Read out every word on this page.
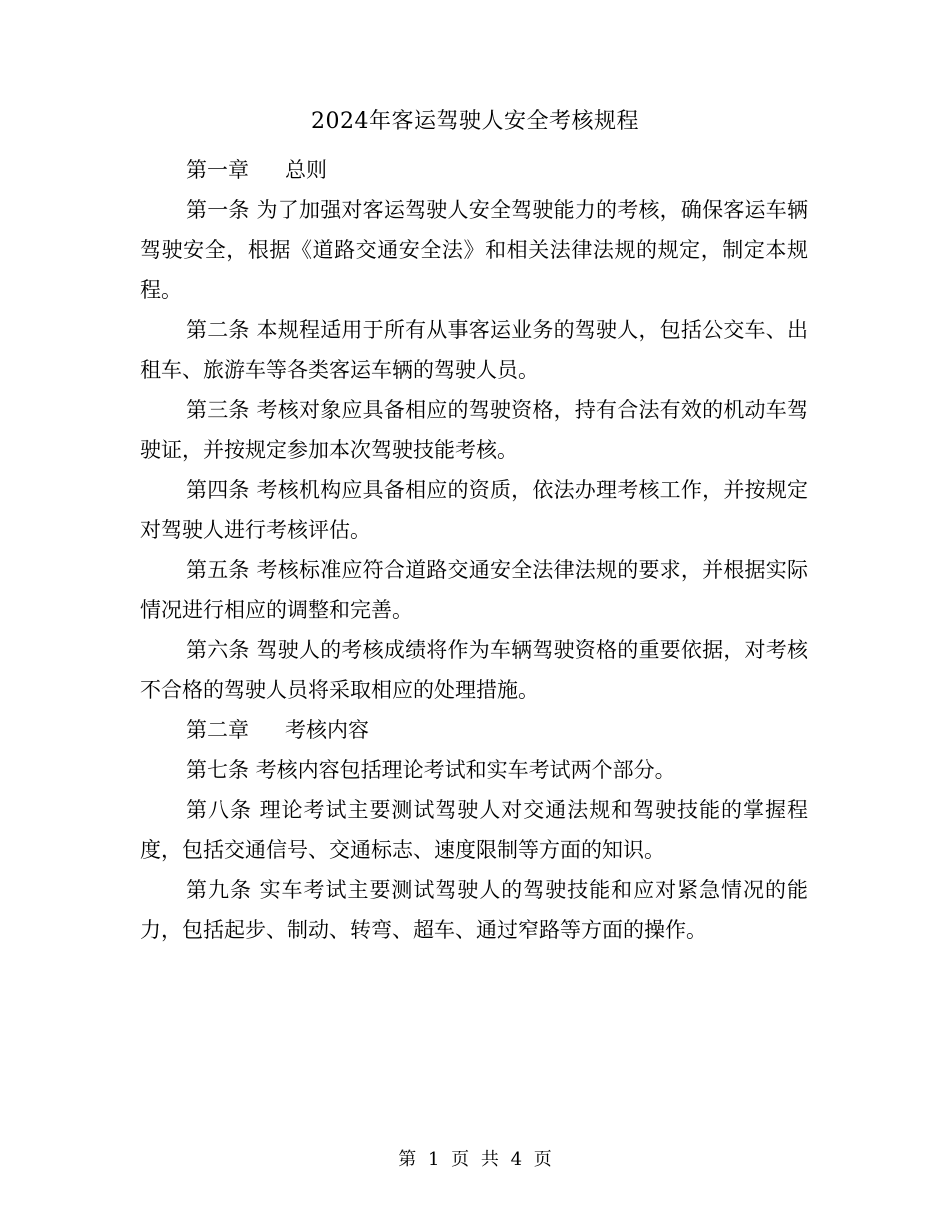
2024年客运驾驶人安全考核规程

第一章 总则

第一条 为了加强对客运驾驶人安全驾驶能力的考核，确保客运车辆驾驶安全，根据《道路交通安全法》和相关法律法规的规定，制定本规程。

第二条 本规程适用于所有从事客运业务的驾驶人，包括公交车、出租车、旅游车等各类客运车辆的驾驶人员。

第三条 考核对象应具备相应的驾驶资格，持有合法有效的机动车驾驶证，并按规定参加本次驾驶技能考核。

第四条 考核机构应具备相应的资质，依法办理考核工作，并按规定对驾驶人进行考核评估。

第五条 考核标准应符合道路交通安全法律法规的要求，并根据实际情况进行相应的调整和完善。

第六条 驾驶人的考核成绩将作为车辆驾驶资格的重要依据，对考核不合格的驾驶人员将采取相应的处理措施。

第二章 考核内容

第七条 考核内容包括理论考试和实车考试两个部分。

第八条 理论考试主要测试驾驶人对交通法规和驾驶技能的掌握程度，包括交通信号、交通标志、速度限制等方面的知识。

第九条 实车考试主要测试驾驶人的驾驶技能和应对紧急情况的能力，包括起步、制动、转弯、超车、通过窄路等方面的操作。

第 1 页 共 4 页
